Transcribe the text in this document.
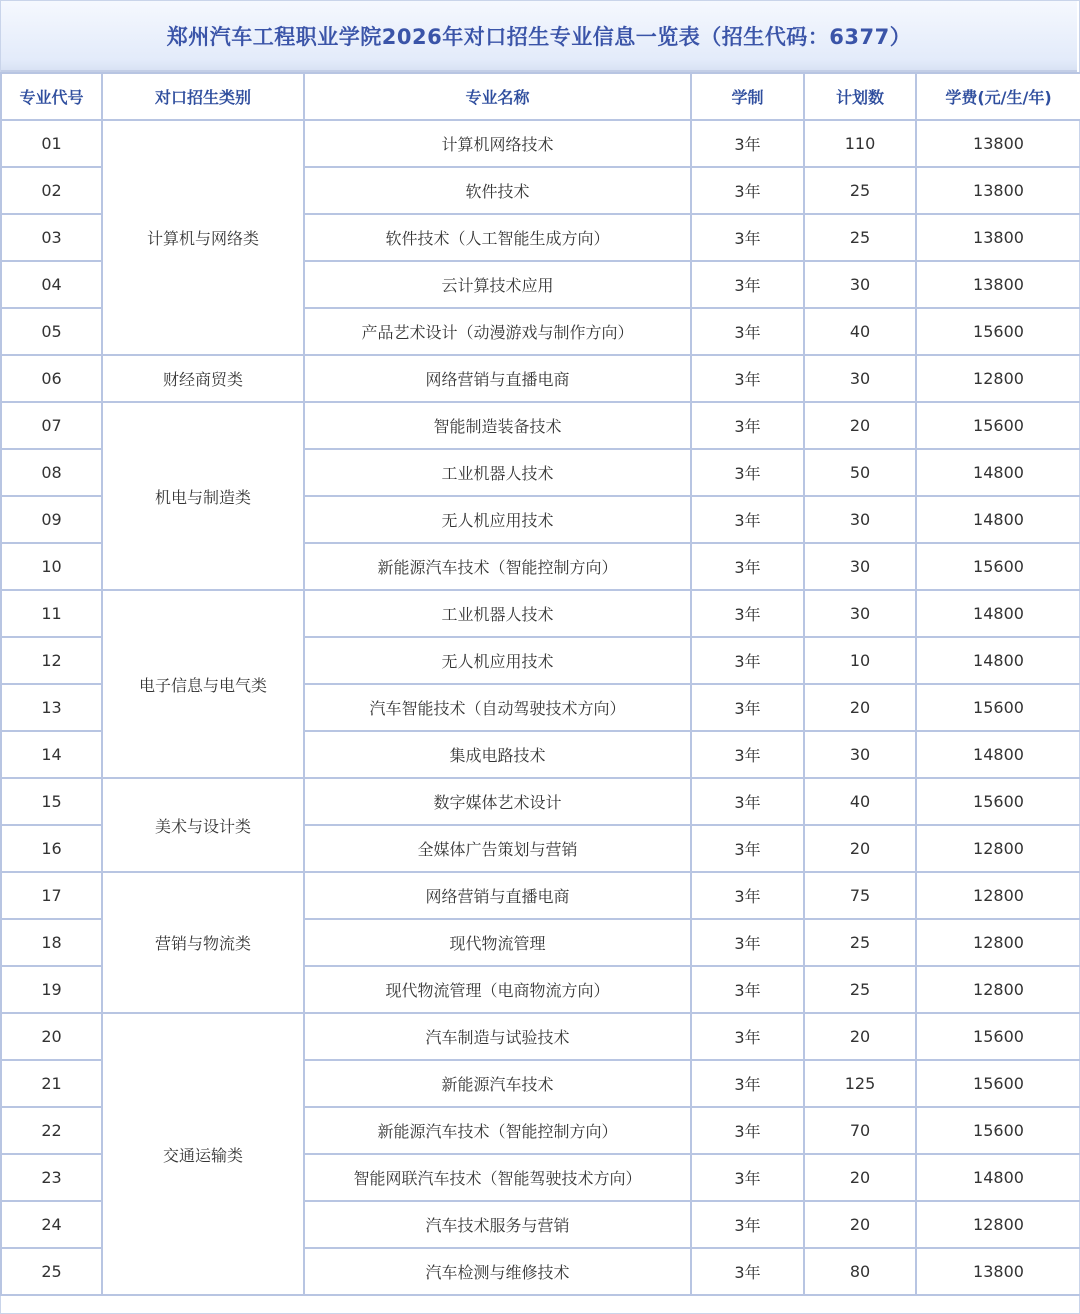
郑州汽车工程职业学院2026年对口招生专业信息一览表（招生代码：6377）
专业代号	对口招生类别	专业名称	学制	计划数	学费(元/生/年)
01	计算机与网络类	计算机网络技术	3年	110	13800
02		软件技术	3年	25	13800
03		软件技术（人工智能生成方向）	3年	25	13800
04		云计算技术应用	3年	30	13800
05		产品艺术设计（动漫游戏与制作方向）	3年	40	15600
06	财经商贸类	网络营销与直播电商	3年	30	12800
07	机电与制造类	智能制造装备技术	3年	20	15600
08		工业机器人技术	3年	50	14800
09		无人机应用技术	3年	30	14800
10		新能源汽车技术（智能控制方向）	3年	30	15600
11	电子信息与电气类	工业机器人技术	3年	30	14800
12		无人机应用技术	3年	10	14800
13		汽车智能技术（自动驾驶技术方向）	3年	20	15600
14		集成电路技术	3年	30	14800
15	美术与设计类	数字媒体艺术设计	3年	40	15600
16		全媒体广告策划与营销	3年	20	12800
17	营销与物流类	网络营销与直播电商	3年	75	12800
18		现代物流管理	3年	25	12800
19		现代物流管理（电商物流方向）	3年	25	12800
20	交通运输类	汽车制造与试验技术	3年	20	15600
21		新能源汽车技术	3年	125	15600
22		新能源汽车技术（智能控制方向）	3年	70	15600
23		智能网联汽车技术（智能驾驶技术方向）	3年	20	14800
24		汽车技术服务与营销	3年	20	12800
25		汽车检测与维修技术	3年	80	13800
